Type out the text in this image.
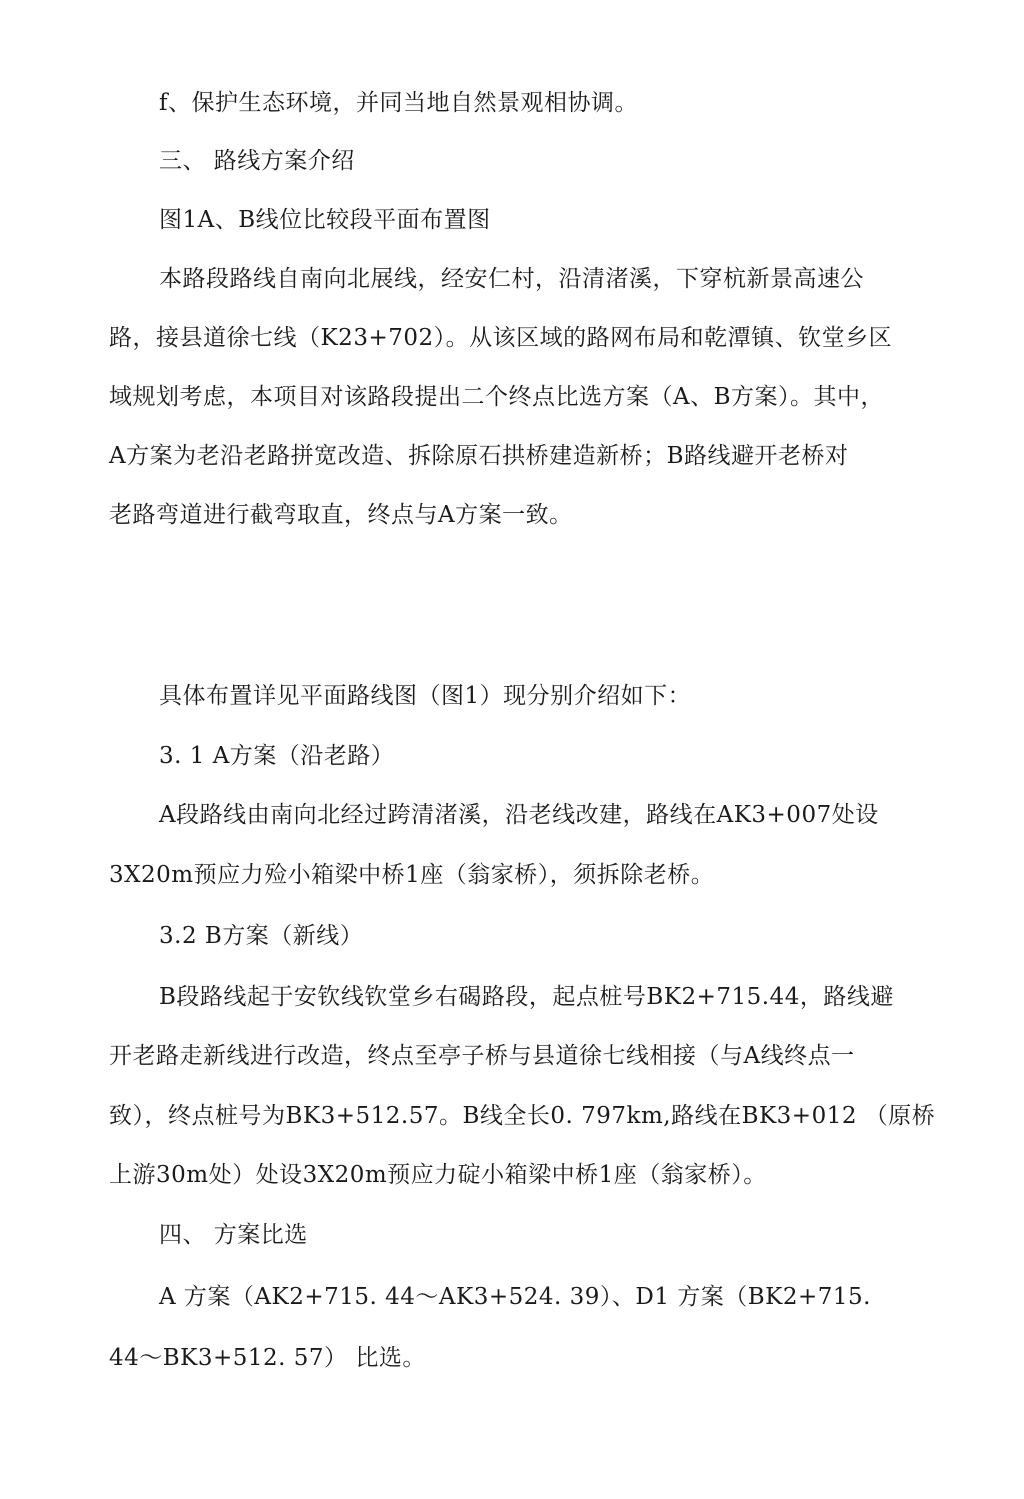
f、保护生态环境，并同当地自然景观相协调。
三、 路线方案介绍
图1A、B线位比较段平面布置图
本路段路线自南向北展线，经安仁村，沿清渚溪，下穿杭新景高速公
路，接县道徐七线（K23+702）。从该区域的路网布局和乾潭镇、钦堂乡区
域规划考虑，本项目对该路段提出二个终点比选方案（A、B方案）。其中，
A方案为老沿老路拼宽改造、拆除原石拱桥建造新桥；B路线避开老桥对
老路弯道进行截弯取直，终点与A方案一致。
具体布置详见平面路线图（图1）现分别介绍如下：
3. 1 A方案（沿老路）
A段路线由南向北经过跨清渚溪，沿老线改建，路线在AK3+007处设
3X20m预应力殓小箱梁中桥1座（翁家桥），须拆除老桥。
3.2 B方案（新线）
B段路线起于安钦线钦堂乡右碣路段，起点桩号BK2+715.44，路线避
开老路走新线进行改造，终点至亭子桥与县道徐七线相接（与A线终点一
致），终点桩号为BK3+512.57。B线全长0. 797km,路线在BK3+012 （原桥
上游30m处）处设3X20m预应力碇小箱梁中桥1座（翁家桥）。
四、 方案比选
A 方案（AK2+715. 44～AK3+524. 39）、D1 方案（BK2+715.
44～BK3+512. 57） 比选。
